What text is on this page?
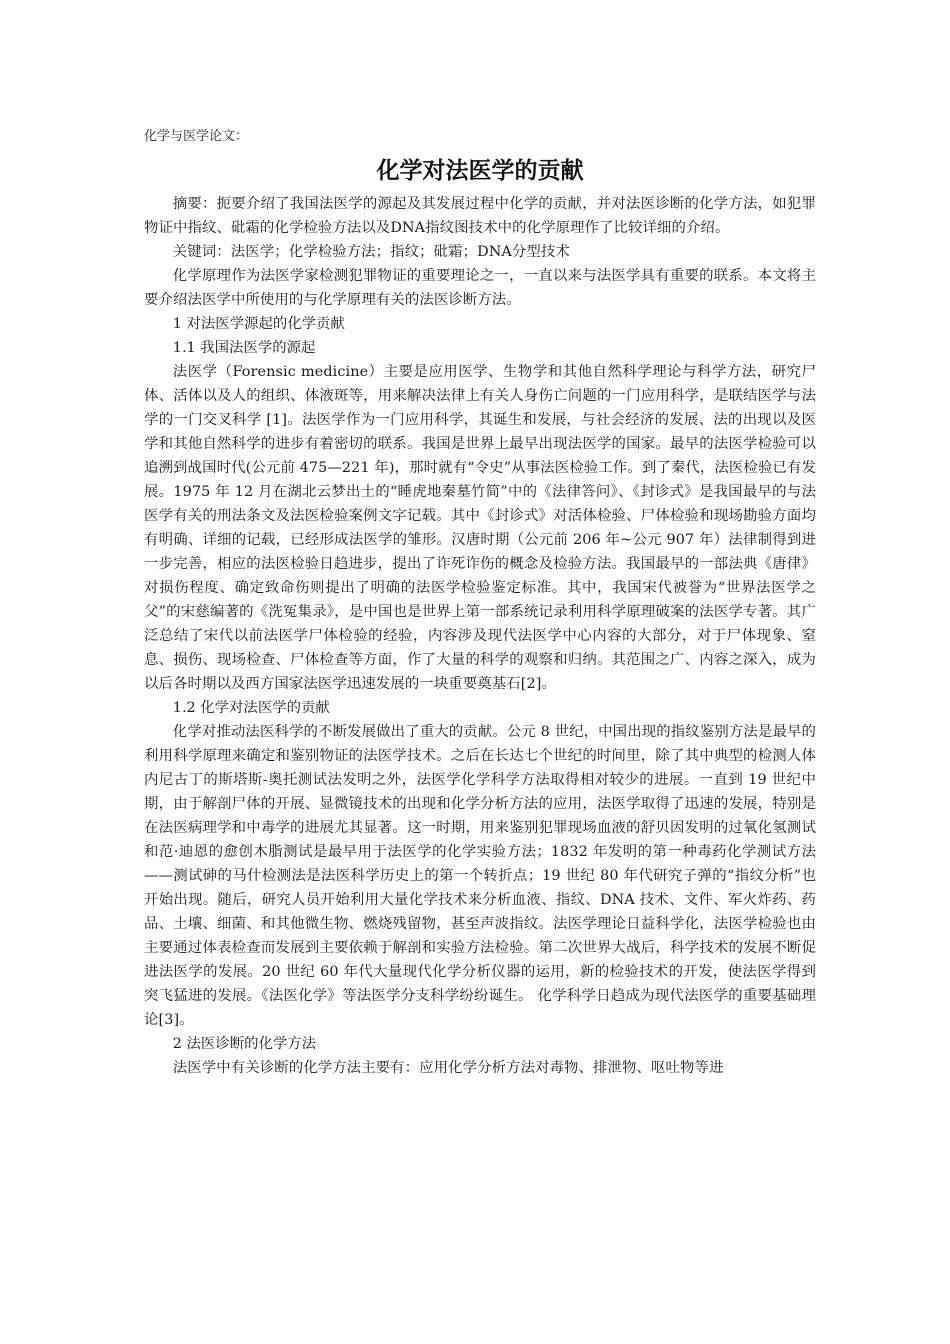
化学与医学论文：

化学对法医学的贡献

摘要：扼要介绍了我国法医学的源起及其发展过程中化学的贡献，并对法医诊断的化学方法，如犯罪物证中指纹、砒霜的化学检验方法以及DNA指纹图技术中的化学原理作了比较详细的介绍。

关键词：法医学；化学检验方法；指纹；砒霜；DNA分型技术

化学原理作为法医学家检测犯罪物证的重要理论之一，一直以来与法医学具有重要的联系。本文将主要介绍法医学中所使用的与化学原理有关的法医诊断方法。

1 对法医学源起的化学贡献

1.1 我国法医学的源起

法医学（Forensic medicine）主要是应用医学、生物学和其他自然科学理论与科学方法，研究尸体、活体以及人的组织、体液斑等，用来解决法律上有关人身伤亡问题的一门应用科学，是联结医学与法学的一门交叉科学 [1]。法医学作为一门应用科学，其诞生和发展，与社会经济的发展、法的出现以及医学和其他自然科学的进步有着密切的联系。我国是世界上最早出现法医学的国家。最早的法医学检验可以追溯到战国时代(公元前 475—221 年)，那时就有“令史”从事法医检验工作。到了秦代，法医检验已有发展。1975 年 12 月在湖北云梦出土的“睡虎地秦墓竹简”中的《法律答问》、《封诊式》是我国最早的与法医学有关的刑法条文及法医检验案例文字记载。其中《封诊式》对活体检验、尸体检验和现场勘验方面均有明确、详细的记载，已经形成法医学的雏形。汉唐时期（公元前 206 年~公元 907 年）法律制得到进一步完善，相应的法医检验日趋进步，提出了诈死诈伤的概念及检验方法。我国最早的一部法典《唐律》对损伤程度、确定致命伤则提出了明确的法医学检验鉴定标准。其中，我国宋代被誉为“世界法医学之父”的宋慈编著的《洗冤集录》，是中国也是世界上第一部系统记录利用科学原理破案的法医学专著。其广泛总结了宋代以前法医学尸体检验的经验，内容涉及现代法医学中心内容的大部分，对于尸体现象、窒息、损伤、现场检查、尸体检查等方面，作了大量的科学的观察和归纳。其范围之广、内容之深入，成为以后各时期以及西方国家法医学迅速发展的一块重要奠基石[2]。

1.2 化学对法医学的贡献

化学对推动法医科学的不断发展做出了重大的贡献。公元 8 世纪，中国出现的指纹鉴别方法是最早的利用科学原理来确定和鉴别物证的法医学技术。之后在长达七个世纪的时间里，除了其中典型的检测人体内尼古丁的斯塔斯-奥托测试法发明之外，法医学化学科学方法取得相对较少的进展。一直到 19 世纪中期，由于解剖尸体的开展、显微镜技术的出现和化学分析方法的应用，法医学取得了迅速的发展，特别是在法医病理学和中毒学的进展尤其显著。这一时期，用来鉴别犯罪现场血液的舒贝因发明的过氧化氢测试和范·迪恩的愈创木脂测试是最早用于法医学的化学实验方法；1832 年发明的第一种毒药化学测试方法——测试砷的马什检测法是法医科学历史上的第一个转折点；19 世纪 80 年代研究子弹的“指纹分析”也开始出现。随后，研究人员开始利用大量化学技术来分析血液、指纹、DNA 技术、文件、军火炸药、药品、土壤、细菌、和其他微生物、燃烧残留物，甚至声波指纹。法医学理论日益科学化，法医学检验也由主要通过体表检查而发展到主要依赖于解剖和实验方法检验。第二次世界大战后，科学技术的发展不断促进法医学的发展。20 世纪 60 年代大量现代化学分析仪器的运用，新的检验技术的开发，使法医学得到突飞猛进的发展。《法医化学》等法医学分支科学纷纷诞生。 化学科学日趋成为现代法医学的重要基础理论[3]。

2 法医诊断的化学方法

法医学中有关诊断的化学方法主要有：应用化学分析方法对毒物、排泄物、呕吐物等进
